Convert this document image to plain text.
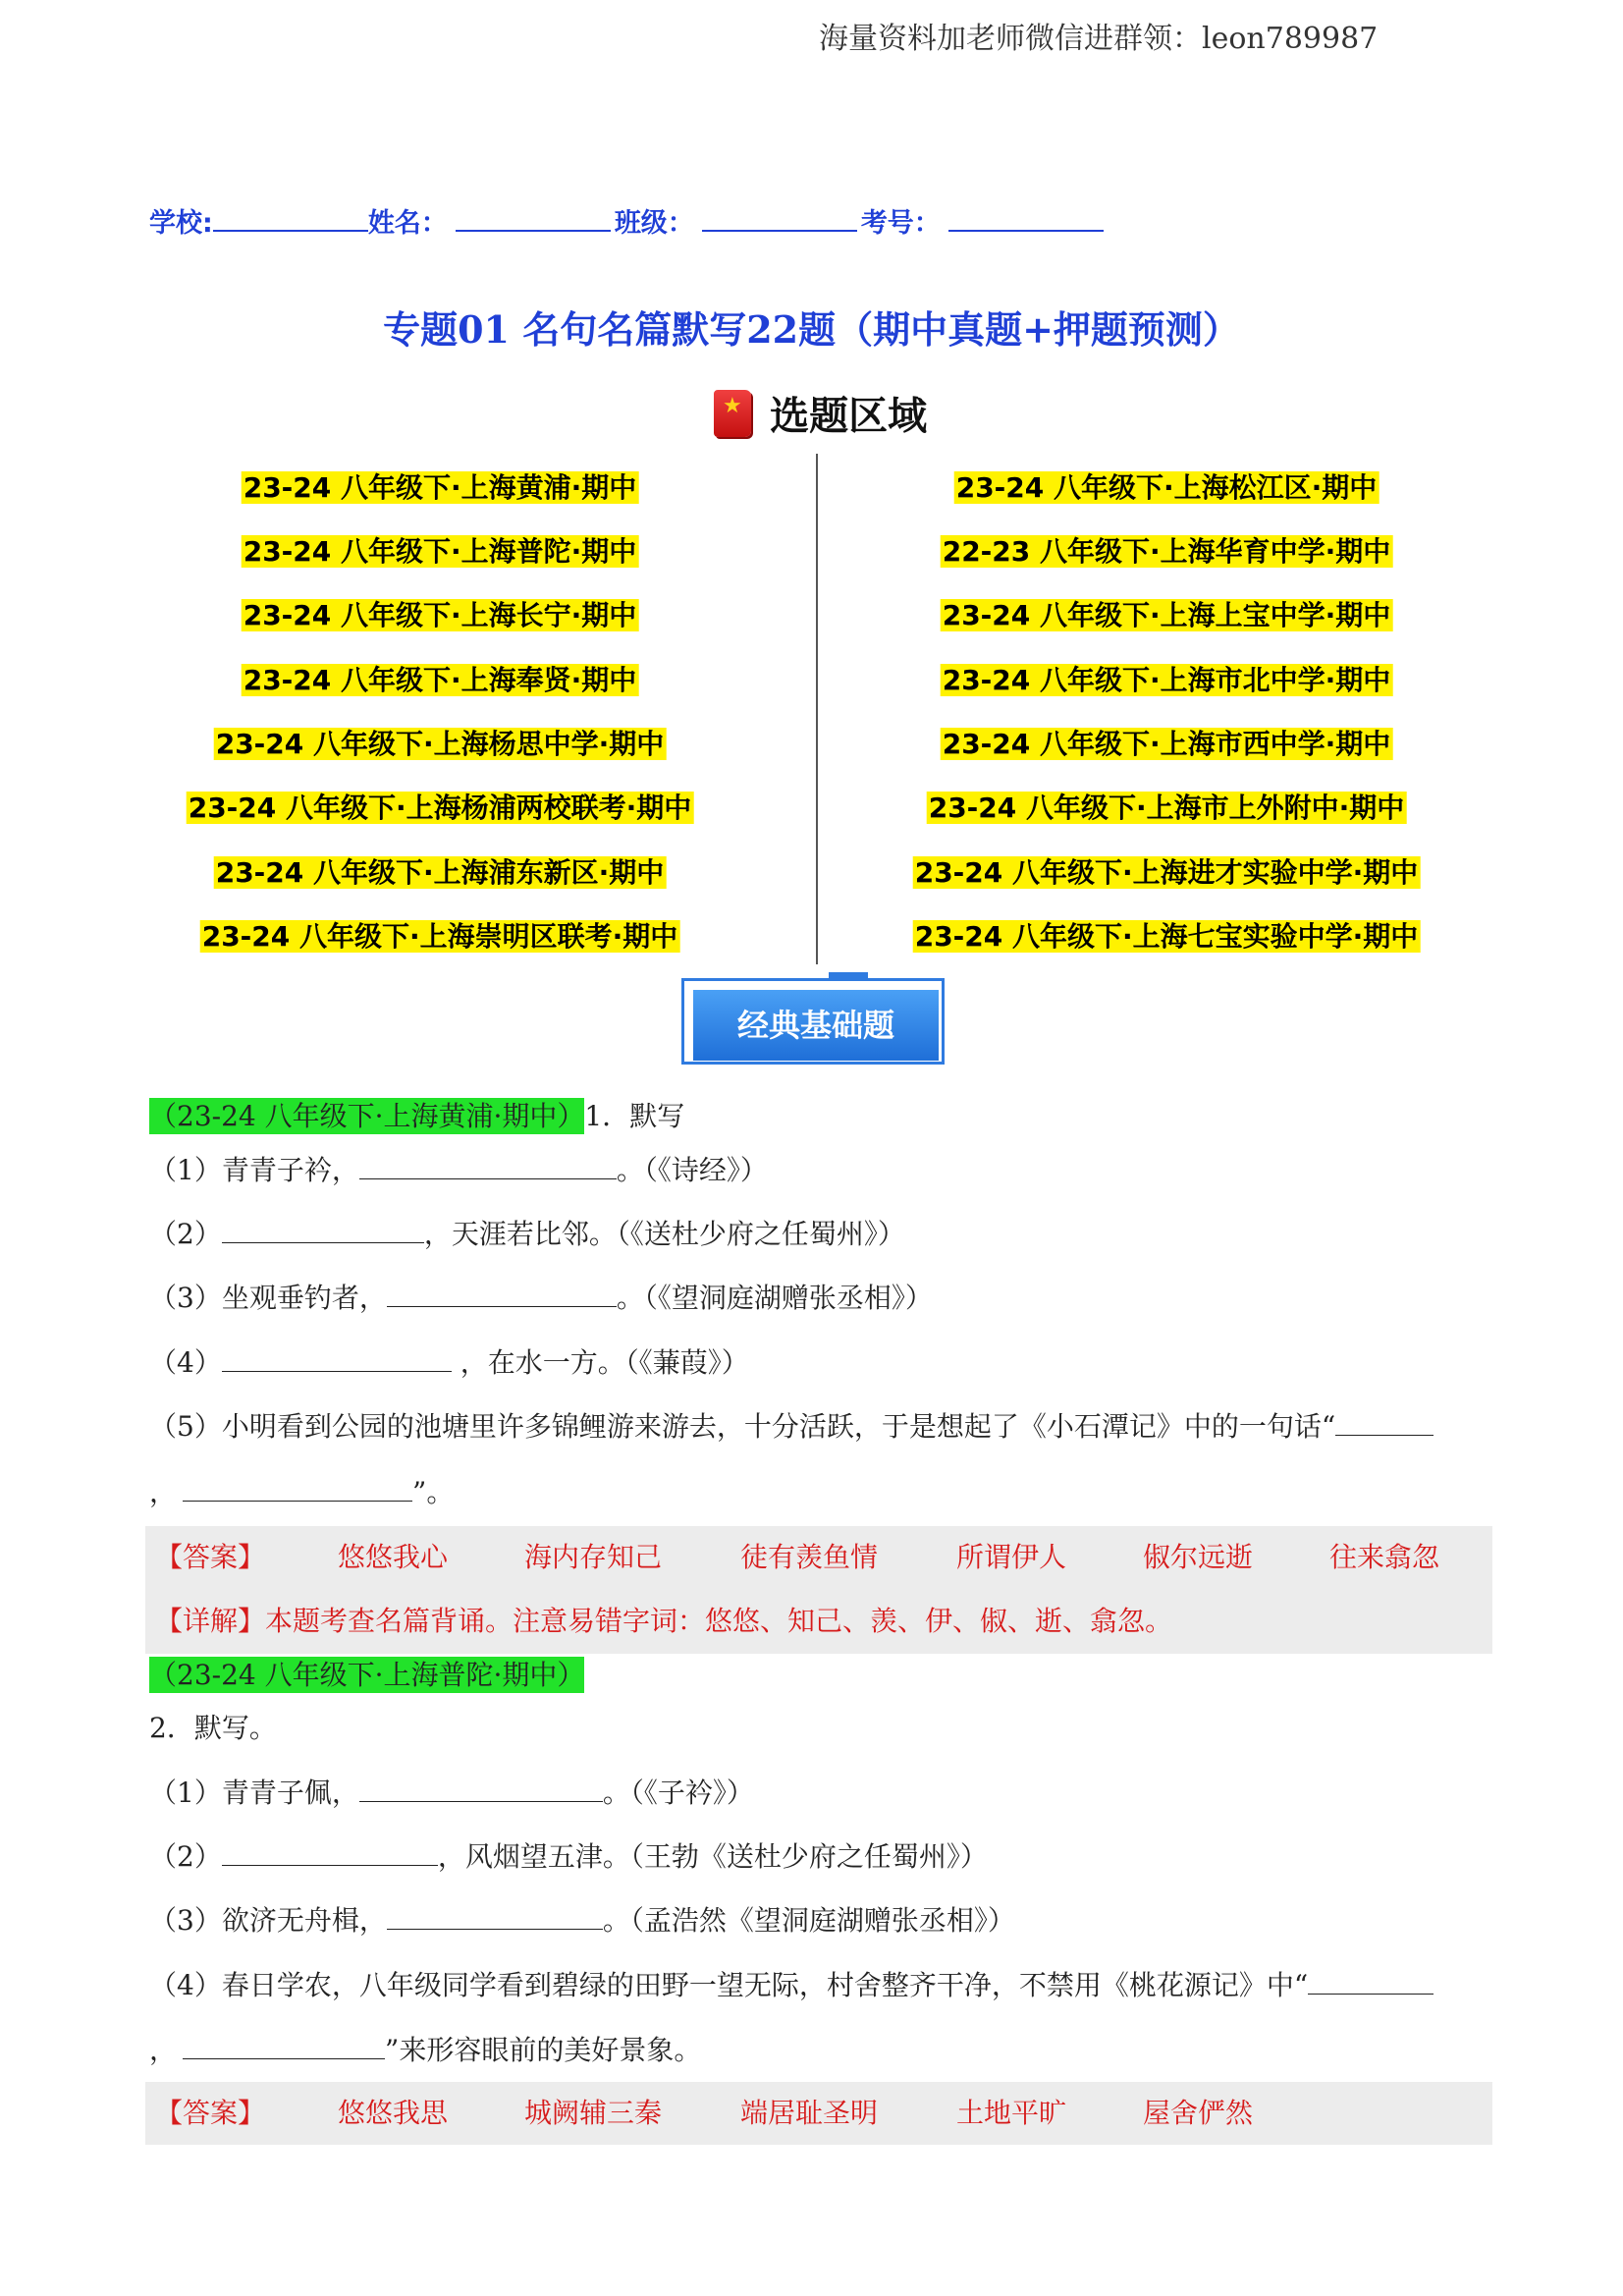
海量资料加老师微信进群领：leon789987
学校:	姓名：	班级：	考号：
专题01 名句名篇默写22题（期中真题+押题预测）
★ 选题区域
23-24 八年级下·上海黄浦·期中
23-24 八年级下·上海普陀·期中
23-24 八年级下·上海长宁·期中
23-24 八年级下·上海奉贤·期中
23-24 八年级下·上海杨思中学·期中
23-24 八年级下·上海杨浦两校联考·期中
23-24 八年级下·上海浦东新区·期中
23-24 八年级下·上海崇明区联考·期中
23-24 八年级下·上海松江区·期中
22-23 八年级下·上海华育中学·期中
23-24 八年级下·上海上宝中学·期中
23-24 八年级下·上海市北中学·期中
23-24 八年级下·上海市西中学·期中
23-24 八年级下·上海市上外附中·期中
23-24 八年级下·上海进才实验中学·期中
23-24 八年级下·上海七宝实验中学·期中
经典基础题
（23-24 八年级下·上海黄浦·期中）1．默写
（1）青青子衿，	。（《诗经》）
（2）	，天涯若比邻。（《送杜少府之任蜀州》）
（3）坐观垂钓者，	。（《望洞庭湖赠张丞相》）
（4）	，在水一方。（《蒹葭》）
（5）小明看到公园的池塘里许多锦鲤游来游去，十分活跃，于是想起了《小石潭记》中的一句话“
，	”。
【答案】	悠悠我心	海内存知己	徒有羡鱼情	所谓伊人	俶尔远逝	往来翕忽
【详解】本题考查名篇背诵。注意易错字词：悠悠、知己、羡、伊、俶、逝、翕忽。
（23-24 八年级下·上海普陀·期中）
2．默写。
（1）青青子佩，	。（《子衿》）
（2）	，风烟望五津。（王勃《送杜少府之任蜀州》）
（3）欲济无舟楫，	。（孟浩然《望洞庭湖赠张丞相》）
（4）春日学农，八年级同学看到碧绿的田野一望无际，村舍整齐干净，不禁用《桃花源记》中“
，	”来形容眼前的美好景象。
【答案】	悠悠我思	城阙辅三秦	端居耻圣明	土地平旷	屋舍俨然
